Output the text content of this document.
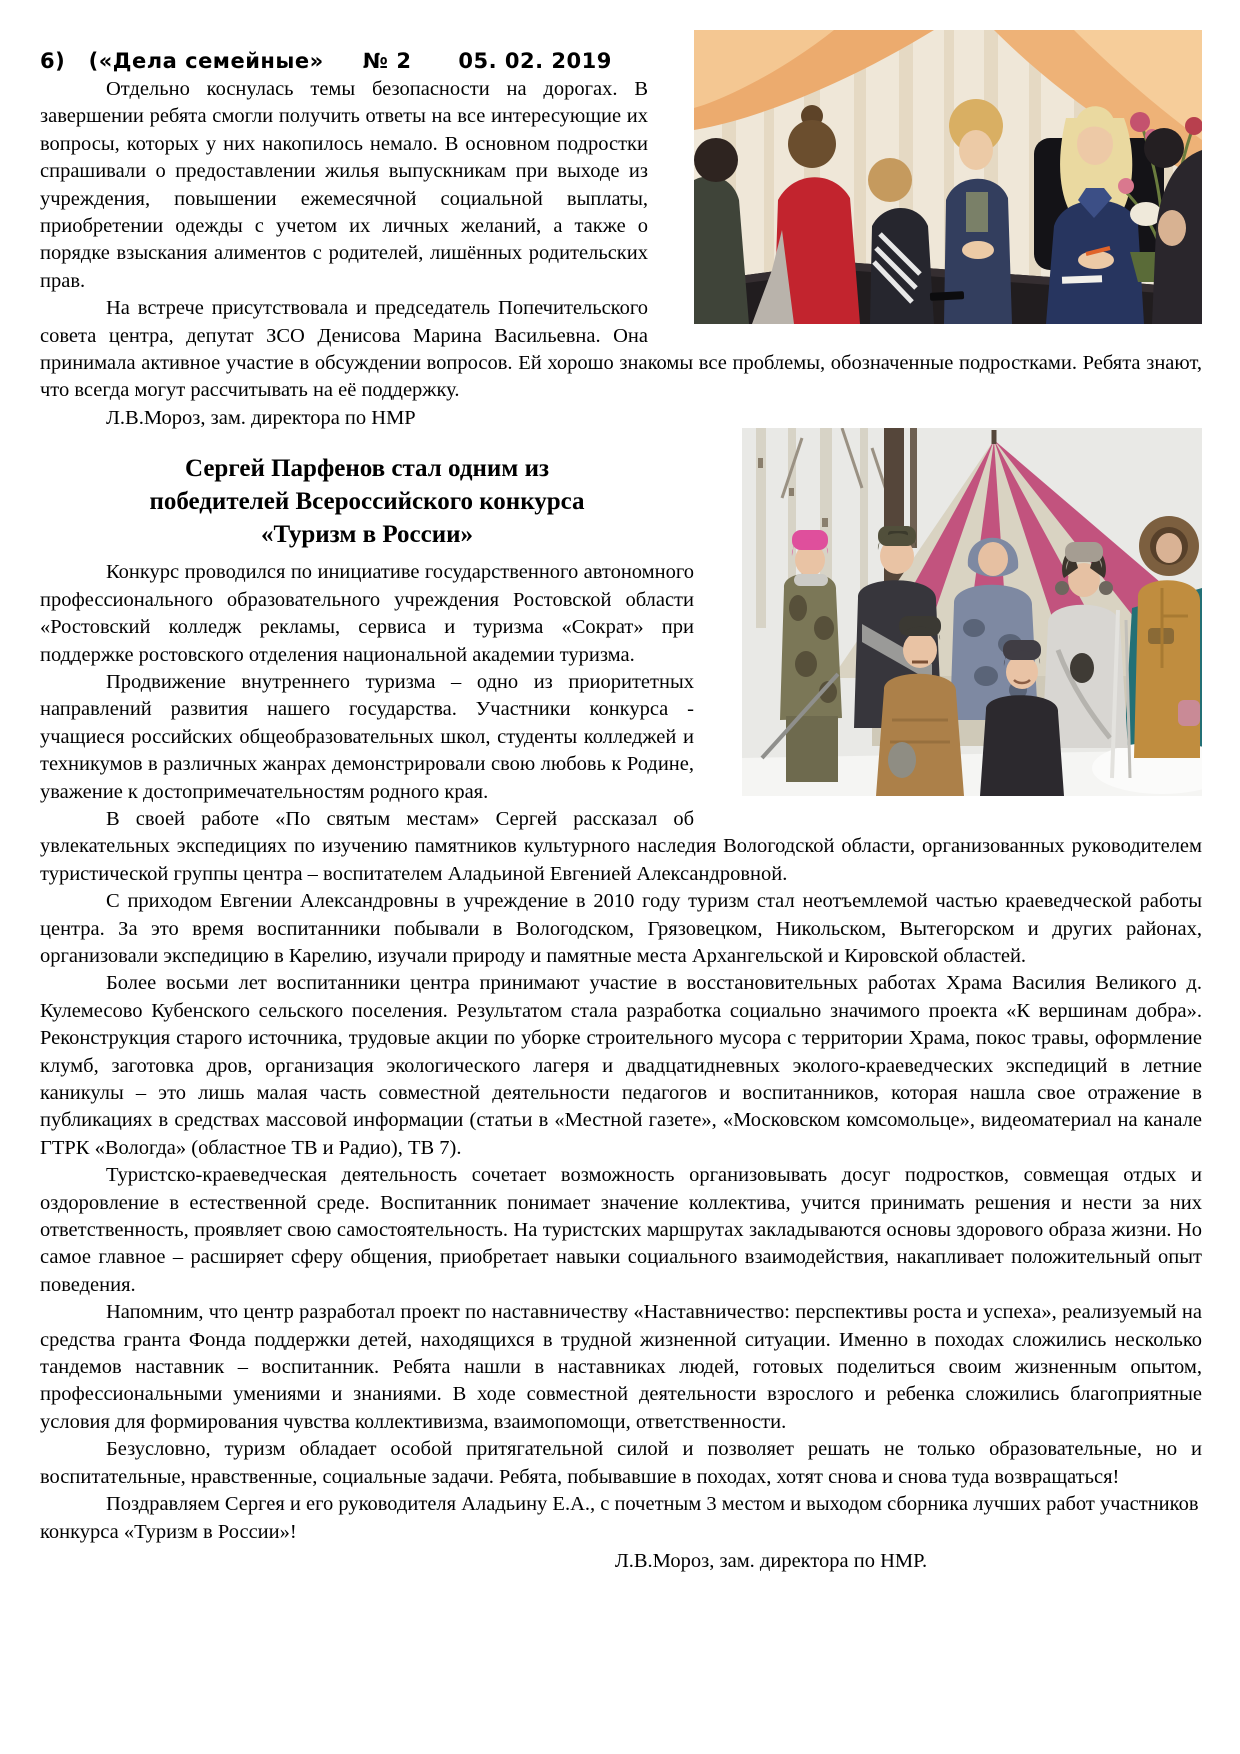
6)   («Дела семейные»     № 2      05. 02. 2019

Отдельно коснулась темы безопасности на дорогах. В завершении ребята смогли получить ответы на все интересующие их вопросы, которых у них накопилось немало. В основном подростки спрашивали о предоставлении жилья выпускникам при выходе из учреждения, повышении ежемесячной социальной выплаты, приобретении одежды с учетом их личных желаний, а также о порядке взыскания алиментов с родителей, лишённых родительских прав.

На встрече присутствовала и председатель Попечительского совета центра, депутат ЗСО Денисова Марина Васильевна. Она принимала активное участие в обсуждении вопросов. Ей хорошо знакомы все проблемы, обозначенные подростками. Ребята знают, что всегда могут рассчитывать на её поддержку.

Л.В.Мороз, зам. директора по НМР

Сергей Парфенов стал одним из
победителей Всероссийского конкурса
«Туризм в России»

Конкурс проводился по инициативе государственного автономного профессионального образовательного учреждения Ростовской области «Ростовский колледж рекламы, сервиса и туризма «Сократ» при поддержке ростовского отделения национальной академии туризма.

Продвижение внутреннего туризма – одно из приоритетных направлений развития нашего государства. Участники конкурса - учащиеся российских общеобразовательных школ, студенты колледжей и техникумов в различных жанрах демонстрировали свою любовь к Родине, уважение к достопримечательностям родного края.

В своей работе «По святым местам» Сергей рассказал об увлекательных экспедициях по изучению памятников культурного наследия Вологодской области, организованных руководителем туристической группы центра – воспитателем Аладьиной Евгенией Александровной.

С приходом Евгении Александровны в учреждение в 2010 году туризм стал неотъемлемой частью краеведческой работы центра. За это время воспитанники побывали в Вологодском, Грязовецком, Никольском, Вытегорском и других районах, организовали экспедицию в Карелию, изучали природу и памятные места Архангельской и Кировской областей.

Более восьми лет воспитанники центра принимают участие в восстановительных работах Храма Василия Великого д. Кулемесово Кубенского сельского поселения. Результатом стала разработка социально значимого проекта «К вершинам добра». Реконструкция старого источника, трудовые акции по уборке строительного мусора с территории Храма, покос травы, оформление клумб, заготовка дров, организация экологического лагеря и двадцатидневных эколого-краеведческих экспедиций в летние каникулы – это лишь малая часть совместной деятельности педагогов и воспитанников, которая нашла свое отражение в публикациях в средствах массовой информации (статьи в «Местной газете», «Московском комсомольце», видеоматериал на канале ГТРК «Вологда» (областное ТВ и Радио), ТВ 7).

Туристско-краеведческая деятельность сочетает возможность организовывать досуг подростков, совмещая отдых и оздоровление в естественной среде. Воспитанник понимает значение коллектива, учится принимать решения и нести за них ответственность, проявляет свою самостоятельность. На туристских маршрутах закладываются основы здорового образа жизни. Но самое главное – расширяет сферу общения, приобретает навыки социального взаимодействия, накапливает положительный опыт поведения.

Напомним, что центр разработал проект по наставничеству «Наставничество: перспективы роста и успеха», реализуемый на средства гранта Фонда поддержки детей, находящихся в трудной жизненной ситуации. Именно в походах сложились несколько тандемов наставник – воспитанник. Ребята нашли в наставниках людей, готовых поделиться своим жизненным опытом, профессиональными умениями и знаниями. В ходе совместной деятельности взрослого и ребенка сложились благоприятные условия для формирования чувства коллективизма, взаимопомощи, ответственности.

Безусловно, туризм обладает особой притягательной силой и позволяет решать не только образовательные, но и воспитательные, нравственные, социальные задачи. Ребята, побывавшие в походах, хотят снова и снова туда возвращаться!

Поздравляем Сергея и его руководителя Аладьину Е.А., с почетным 3 местом и выходом сборника лучших работ участников конкурса «Туризм в России»!

Л.В.Мороз, зам. директора по НМР.
